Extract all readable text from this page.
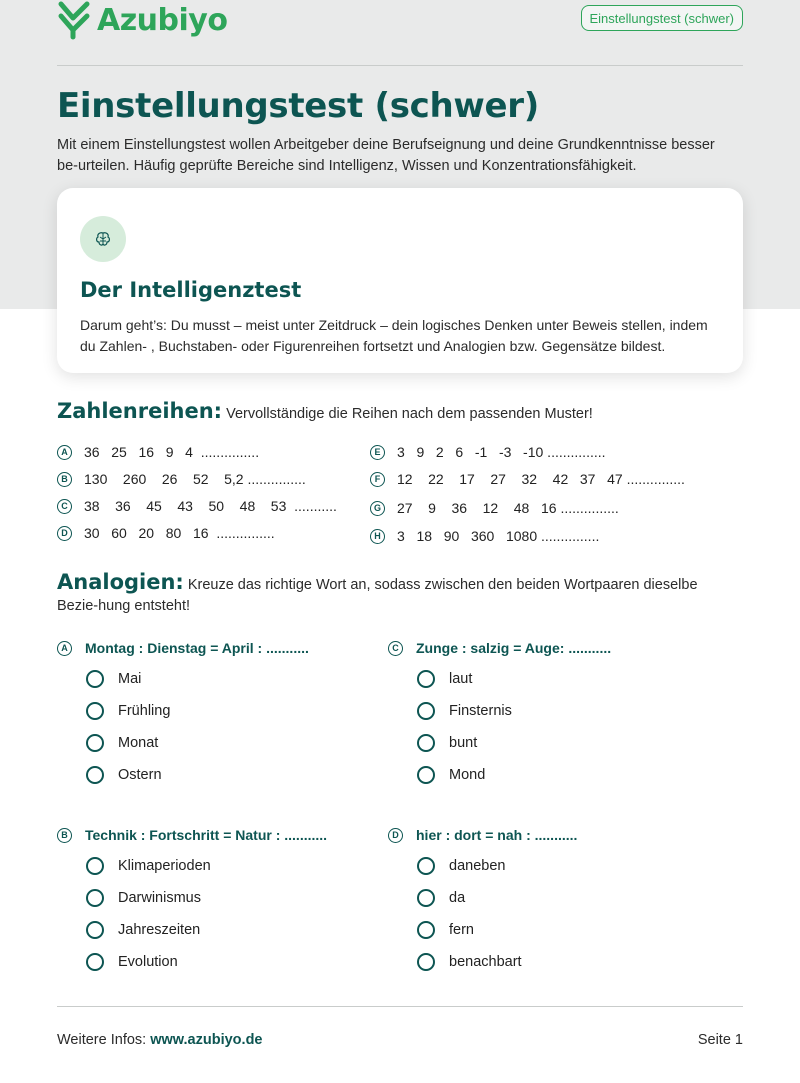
Azubiyo	Einstellungstest (schwer)
Einstellungstest (schwer)

Mit einem Einstellungstest wollen Arbeitgeber deine Berufseignung und deine Grundkenntnisse besser be-urteilen. Häufig geprüfte Bereiche sind Intelligenz, Wissen und Konzentrationsfähigkeit.

Der Intelligenztest

Darum geht’s: Du musst – meist unter Zeitdruck – dein logisches Denken unter Beweis stellen, indem du Zahlen- , Buchstaben- oder Figurenreihen fortsetzt und Analogien bzw. Gegensätze bildest.

Zahlenreihen: Vervollständige die Reihen nach dem passenden Muster!
A	36   25   16   9   4  ...............
B	130    260    26    52    5,2 ...............
C	38    36    45    43    50    48    53  ...........
D	30   60   20   80   16  ...............
E	3   9   2   6   -1   -3   -10 ...............
F	12    22    17    27    32    42   37   47 ...............
G 27    9    36    12    48   16 ...............
H	3   18   90   360   1080 ...............
Analogien: Kreuze das richtige Wort an, sodass zwischen den beiden Wortpaaren dieselbe Bezie-hung entsteht!
A	Montag : Dienstag = April : ...........
Mai
Frühling
Monat
Ostern
C	Zunge : salzig = Auge: ...........
laut
Finsternis
bunt
Mond
B	Technik : Fortschritt = Natur : ...........
Klimaperioden
Darwinismus
Jahreszeiten
Evolution
D	hier : dort = nah : ...........
daneben
da
fern
benachbart
Weitere Infos: www.azubiyo.de	Seite 1
